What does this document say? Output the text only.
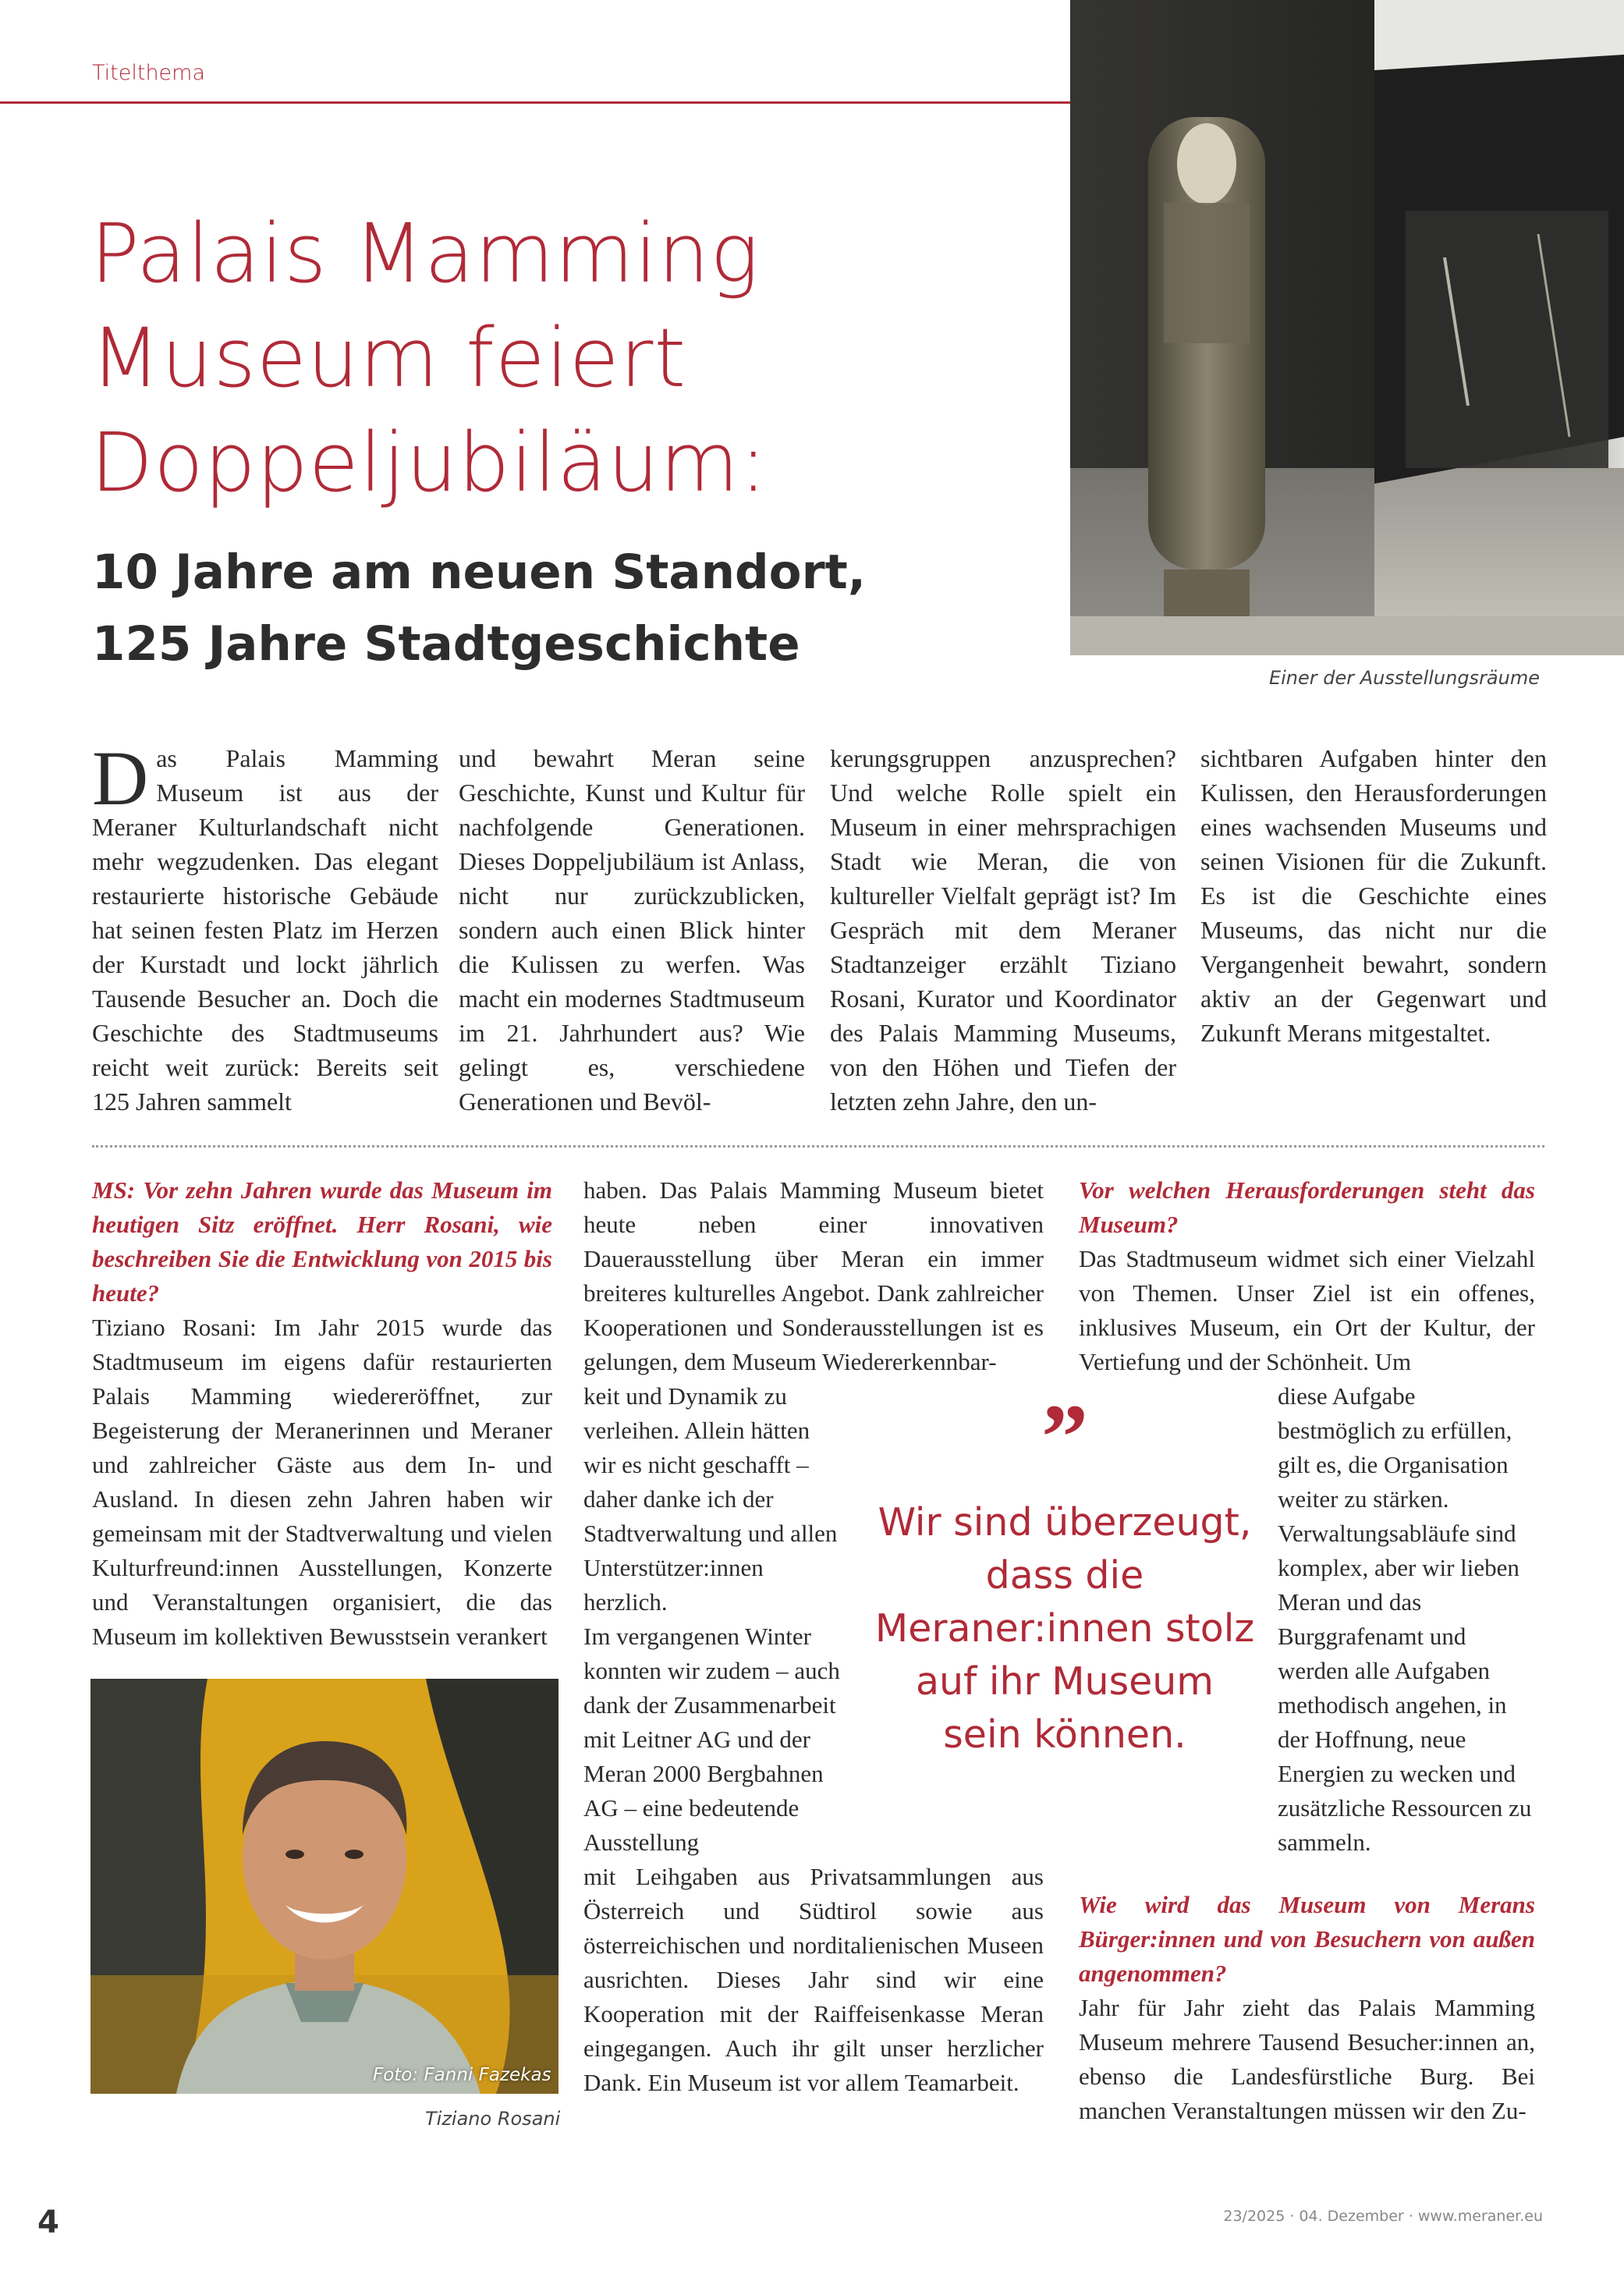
Titelthema
Palais Mamming
Museum feiert
Doppeljubiläum:
10 Jahre am neuen Standort,
125 Jahre Stadtgeschichte
Einer der Ausstellungsräume
D as Palais Mamming Museum ist aus der Meraner Kulturlandschaft nicht mehr wegzudenken. Das elegant restaurierte historische Gebäude hat seinen festen Platz im Herzen der Kurstadt und lockt jährlich Tausende Besucher an. Doch die Geschichte des Stadtmuseums reicht weit zurück: Bereits seit 125 Jahren sammelt

und bewahrt Meran seine Geschichte, Kunst und Kultur für nachfolgende Generationen. Dieses Doppeljubiläum ist Anlass, nicht nur zurückzublicken, sondern auch einen Blick hinter die Kulissen zu werfen. Was macht ein modernes Stadtmuseum im 21. Jahrhundert aus? Wie gelingt es, verschiedene Generationen und Bevöl-

kerungsgruppen anzusprechen? Und welche Rolle spielt ein Museum in einer mehrsprachigen Stadt wie Meran, die von kultureller Vielfalt geprägt ist? Im Gespräch mit dem Meraner Stadtanzeiger erzählt Tiziano Rosani, Kurator und Koordinator des Palais Mamming Museums, von den Höhen und Tiefen der letzten zehn Jahre, den un-

sichtbaren Aufgaben hinter den Kulissen, den Herausforderungen eines wachsenden Museums und seinen Visionen für die Zukunft. Es ist die Geschichte eines Museums, das nicht nur die Vergangenheit bewahrt, sondern aktiv an der Gegenwart und Zukunft Merans mitgestaltet.

MS: Vor zehn Jahren wurde das Museum im heutigen Sitz eröffnet. Herr Rosani, wie beschreiben Sie die Entwicklung von 2015 bis heute?

Tiziano Rosani: Im Jahr 2015 wurde das Stadtmuseum im eigens dafür restaurierten Palais Mamming wiedereröffnet, zur Begeisterung der Meranerinnen und Meraner und zahlreicher Gäste aus dem In- und Ausland. In diesen zehn Jahren haben wir gemeinsam mit der Stadtverwaltung und vielen Kulturfreund:innen Ausstellungen, Konzerte und Veranstaltungen organisiert, die das Museum im kollektiven Bewusstsein verankert

Foto: Fanni Fazekas
Tiziano Rosani

haben. Das Palais Mamming Museum bietet heute neben einer innovativen Dauerausstellung über Meran ein immer breiteres kulturelles Angebot. Dank zahlreicher Kooperationen und Sonderausstellungen ist es gelungen, dem Museum Wiedererkennbar-

keit und Dynamik zu verleihen. Allein hätten wir es nicht geschafft – daher danke ich der Stadtverwaltung und allen Unterstützer:innen herzlich.

Im vergangenen Winter konnten wir zudem – auch dank der Zusammenarbeit mit Leitner AG und der Meran 2000 Bergbahnen AG – eine bedeutende Ausstellung

mit Leihgaben aus Privatsammlungen aus Österreich und Südtirol sowie aus österreichischen und norditalienischen Museen ausrichten. Dieses Jahr sind wir eine Kooperation mit der Raiffeisenkasse Meran eingegangen. Auch ihr gilt unser herzlicher Dank. Ein Museum ist vor allem Teamarbeit.

”

Wir sind überzeugt, dass die Meraner:innen stolz auf ihr Museum sein können.

Vor welchen Herausforderungen steht das Museum?

Das Stadtmuseum widmet sich einer Vielzahl von Themen. Unser Ziel ist ein offenes, inklusives Museum, ein Ort der Kultur, der Vertiefung und der Schönheit. Um

diese Aufgabe bestmöglich zu erfüllen, gilt es, die Organisation weiter zu stärken. Verwaltungsabläufe sind komplex, aber wir lieben Meran und das Burggrafenamt und werden alle Aufgaben methodisch angehen, in der Hoffnung, neue Energien zu wecken und zusätzliche Ressourcen zu sammeln.

Wie wird das Museum von Merans Bürger:innen und von Besuchern von außen angenommen?

Jahr für Jahr zieht das Palais Mamming Museum mehrere Tausend Besucher:innen an, ebenso die Landesfürstliche Burg. Bei manchen Veranstaltungen müssen wir den Zu-

4	23/2025 · 04. Dezember · www.meraner.eu
